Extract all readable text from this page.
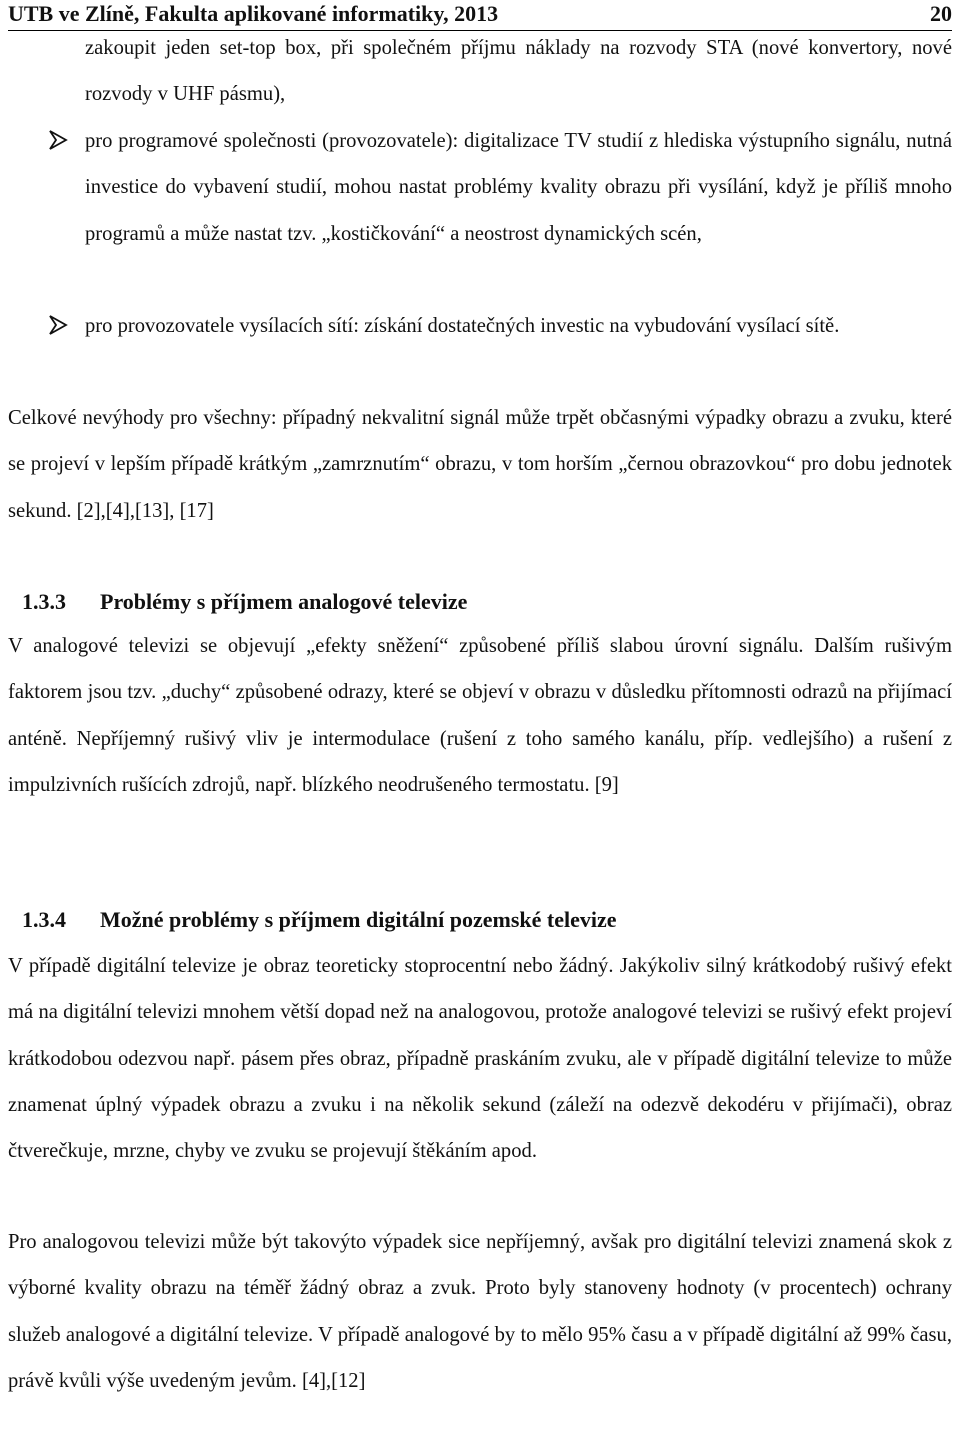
UTB ve Zlíně, Fakulta aplikované informatiky, 2013	20

zakoupit jeden set-top box, při společném příjmu náklady na rozvody STA (nové konvertory, nové rozvody v UHF pásmu),

pro programové společnosti (provozovatele): digitalizace TV studií z hlediska výstupního signálu, nutná investice do vybavení studií, mohou nastat problémy kvality obrazu při vysílání, když je příliš mnoho programů a může nastat tzv. „kostičkování“ a neostrost dynamických scén,

pro provozovatele vysílacích sítí: získání dostatečných investic na vybudování vysílací sítě.

Celkové nevýhody pro všechny: případný nekvalitní signál může trpět občasnými výpadky obrazu a zvuku, které se projeví v lepším případě krátkým „zamrznutím“ obrazu, v tom horším „černou obrazovkou“ pro dobu jednotek sekund. [2],[4],[13], [17]

1.3.3 Problémy s příjmem analogové televize

V analogové televizi se objevují „efekty sněžení“ způsobené příliš slabou úrovní signálu. Dalším rušivým faktorem jsou tzv. „duchy“ způsobené odrazy, které se objeví v obrazu v důsledku přítomnosti odrazů na přijímací anténě. Nepříjemný rušivý vliv je intermodulace (rušení z toho samého kanálu, příp. vedlejšího) a rušení z impulzivních rušících zdrojů, např. blízkého neodrušeného termostatu. [9]

1.3.4 Možné problémy s příjmem digitální pozemské televize

V případě digitální televize je obraz teoreticky stoprocentní nebo žádný. Jakýkoliv silný krátkodobý rušivý efekt má na digitální televizi mnohem větší dopad než na analogovou, protože analogové televizi se rušivý efekt projeví krátkodobou odezvou např. pásem přes obraz, případně praskáním zvuku, ale v případě digitální televize to může znamenat úplný výpadek obrazu a zvuku i na několik sekund (záleží na odezvě dekodéru v přijímači), obraz čtverečkuje, mrzne, chyby ve zvuku se projevují štěkáním apod.

Pro analogovou televizi může být takovýto výpadek sice nepříjemný, avšak pro digitální televizi znamená skok z výborné kvality obrazu na téměř žádný obraz a zvuk. Proto byly stanoveny hodnoty (v procentech) ochrany služeb analogové a digitální televize. V případě analogové by to mělo 95% času a v případě digitální až 99% času, právě kvůli výše uvedeným jevům. [4],[12]
